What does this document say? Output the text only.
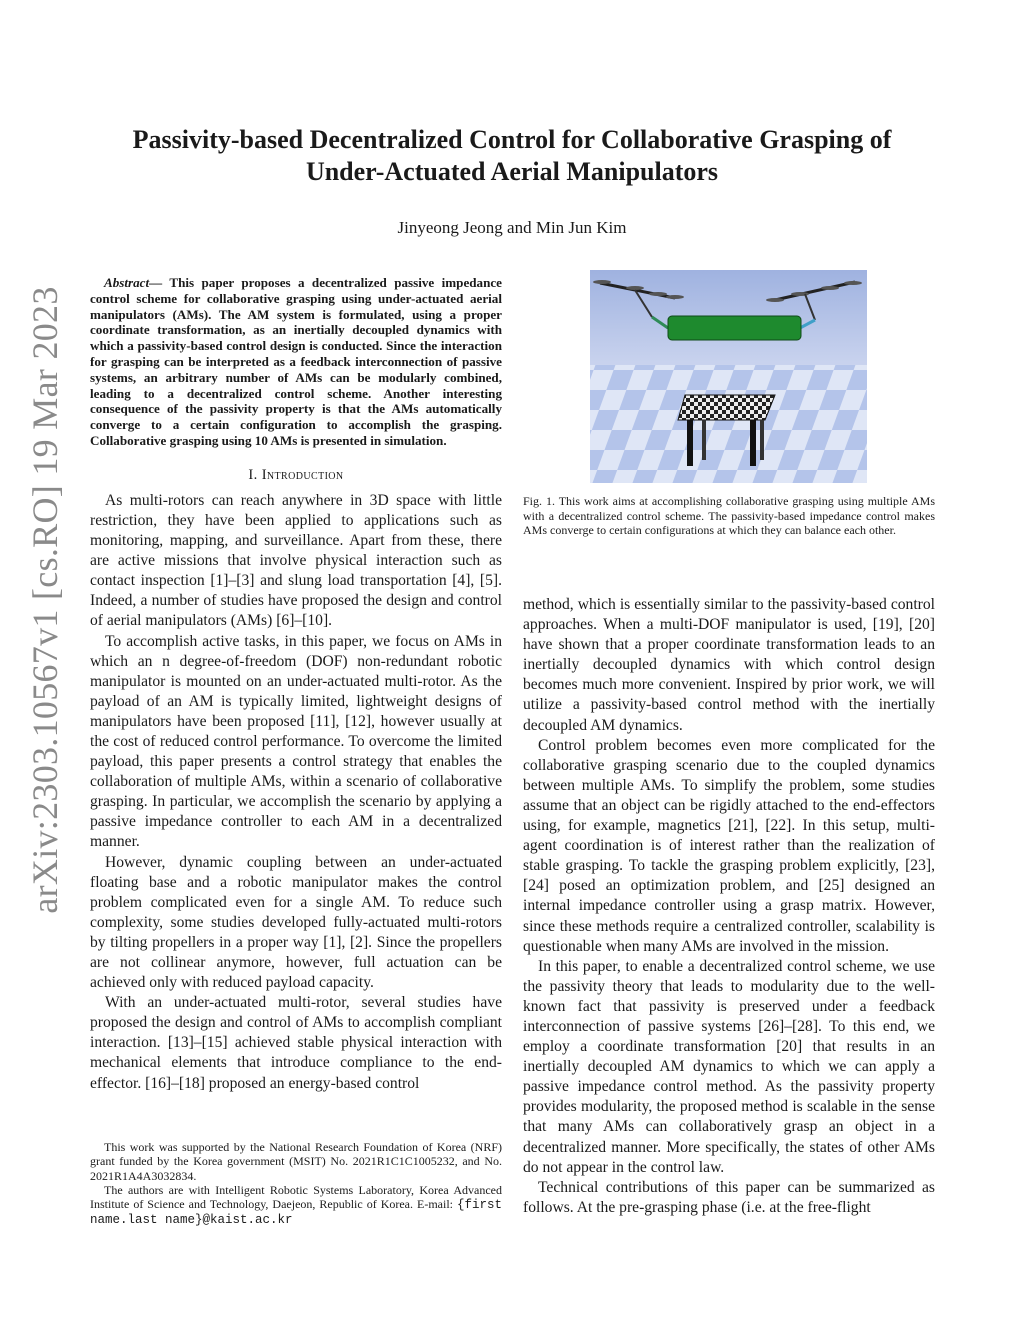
arXiv:2303.10567v1 [cs.RO] 19 Mar 2023
Passivity-based Decentralized Control for Collaborative Grasping of
Under-Actuated Aerial Manipulators
Jinyeong Jeong and Min Jun Kim

Abstract— This paper proposes a decentralized passive impedance control scheme for collaborative grasping using under-actuated aerial manipulators (AMs). The AM system is formulated, using a proper coordinate transformation, as an inertially decoupled dynamics with which a passivity-based control design is conducted. Since the interaction for grasping can be interpreted as a feedback interconnection of passive systems, an arbitrary number of AMs can be modularly combined, leading to a decentralized control scheme. Another interesting consequence of the passivity property is that the AMs automatically converge to a certain configuration to accomplish the grasping. Collaborative grasping using 10 AMs is presented in simulation.

I. Introduction

As multi-rotors can reach anywhere in 3D space with little restriction, they have been applied to applications such as monitoring, mapping, and surveillance. Apart from these, there are active missions that involve physical interaction such as contact inspection [1]–[3] and slung load transportation [4], [5]. Indeed, a number of studies have proposed the design and control of aerial manipulators (AMs) [6]–[10].

To accomplish active tasks, in this paper, we focus on AMs in which an n degree-of-freedom (DOF) non-redundant robotic manipulator is mounted on an under-actuated multi-rotor. As the payload of an AM is typically limited, lightweight designs of manipulators have been proposed [11], [12], however usually at the cost of reduced control performance. To overcome the limited payload, this paper presents a control strategy that enables the collaboration of multiple AMs, within a scenario of collaborative grasping. In particular, we accomplish the scenario by applying a passive impedance controller to each AM in a decentralized manner.

However, dynamic coupling between an under-actuated floating base and a robotic manipulator makes the control problem complicated even for a single AM. To reduce such complexity, some studies developed fully-actuated multi-rotors by tilting propellers in a proper way [1], [2]. Since the propellers are not collinear anymore, however, full actuation can be achieved only with reduced payload capacity.

With an under-actuated multi-rotor, several studies have proposed the design and control of AMs to accomplish compliant interaction. [13]–[15] achieved stable physical interaction with mechanical elements that introduce compliance to the end-effector. [16]–[18] proposed an energy-based control

This work was supported by the National Research Foundation of Korea (NRF) grant funded by the Korea government (MSIT) No. 2021R1C1C1005232, and No. 2021R1A4A3032834.

The authors are with Intelligent Robotic Systems Laboratory, Korea Advanced Institute of Science and Technology, Daejeon, Republic of Korea. E-mail: {first name.last name}@kaist.ac.kr

Fig. 1. This work aims at accomplishing collaborative grasping using multiple AMs with a decentralized control scheme. The passivity-based impedance control makes AMs converge to certain configurations at which they can balance each other.

method, which is essentially similar to the passivity-based control approaches. When a multi-DOF manipulator is used, [19], [20] have shown that a proper coordinate transformation leads to an inertially decoupled dynamics with which control design becomes much more convenient. Inspired by prior work, we will utilize a passivity-based control method with the inertially decoupled AM dynamics.

Control problem becomes even more complicated for the collaborative grasping scenario due to the coupled dynamics between multiple AMs. To simplify the problem, some studies assume that an object can be rigidly attached to the end-effectors using, for example, magnetics [21], [22]. In this setup, multi-agent coordination is of interest rather than the realization of stable grasping. To tackle the grasping problem explicitly, [23], [24] posed an optimization problem, and [25] designed an internal impedance controller using a grasp matrix. However, since these methods require a centralized controller, scalability is questionable when many AMs are involved in the mission.

In this paper, to enable a decentralized control scheme, we use the passivity theory that leads to modularity due to the well-known fact that passivity is preserved under a feedback interconnection of passive systems [26]–[28]. To this end, we employ a coordinate transformation [20] that results in an inertially decoupled AM dynamics to which we can apply a passive impedance control method. As the passivity property provides modularity, the proposed method is scalable in the sense that many AMs can collaboratively grasp an object in a decentralized manner. More specifically, the states of other AMs do not appear in the control law.

Technical contributions of this paper can be summarized as follows. At the pre-grasping phase (i.e. at the free-flight
